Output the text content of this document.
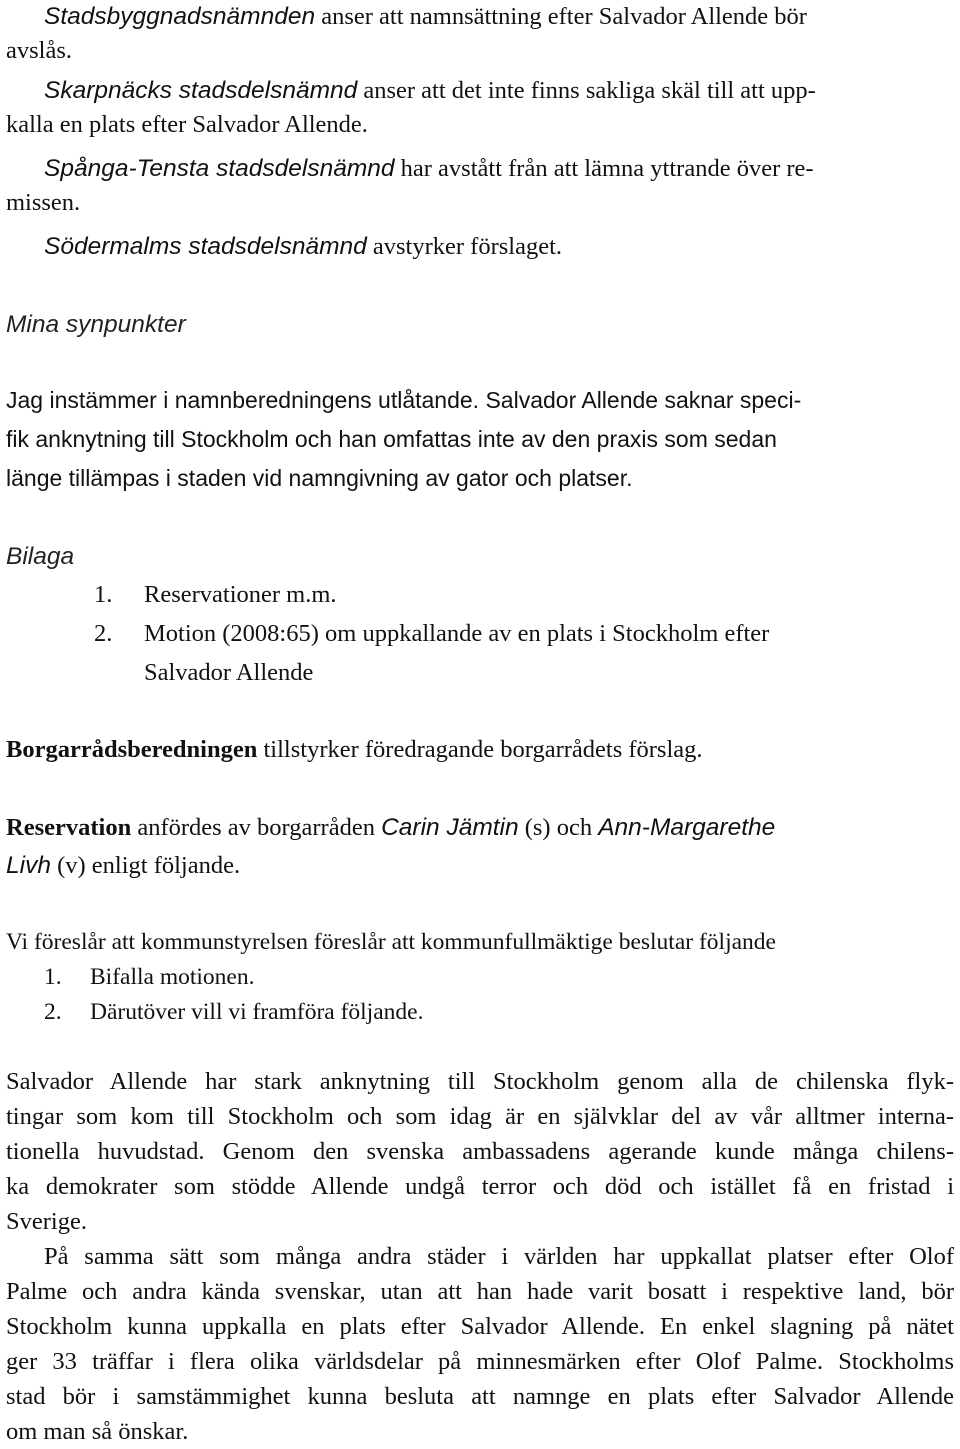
Stadsbyggnadsnämnden anser att namnsättning efter Salvador Allende bör
avslås.
Skarpnäcks stadsdelsnämnd anser att det inte finns sakliga skäl till att upp-
kalla en plats efter Salvador Allende.
Spånga-Tensta stadsdelsnämnd har avstått från att lämna yttrande över re-
missen.
Södermalms stadsdelsnämnd avstyrker förslaget.
Mina synpunkter
Jag instämmer i namnberedningens utlåtande. Salvador Allende saknar speci-
fik anknytning till Stockholm och han omfattas inte av den praxis som sedan
länge tillämpas i staden vid namngivning av gator och platser.
Bilaga
1. Reservationer m.m.
2. Motion (2008:65) om uppkallande av en plats i Stockholm efter
Salvador Allende
Borgarrådsberedningen tillstyrker föredragande borgarrådets förslag.
Reservation anfördes av borgarråden Carin Jämtin (s) och Ann-Margarethe
Livh (v) enligt följande.
Vi föreslår att kommunstyrelsen föreslår att kommunfullmäktige beslutar följande
1. Bifalla motionen.
2. Därutöver vill vi framföra följande.
Salvador Allende har stark anknytning till Stockholm genom alla de chilenska flyk-
tingar som kom till Stockholm och som idag är en självklar del av vår alltmer interna-
tionella huvudstad. Genom den svenska ambassadens agerande kunde många chilens-
ka demokrater som stödde Allende undgå terror och död och istället få en fristad i
Sverige.
På samma sätt som många andra städer i världen har uppkallat platser efter Olof
Palme och andra kända svenskar, utan att han hade varit bosatt i respektive land, bör
Stockholm kunna uppkalla en plats efter Salvador Allende. En enkel slagning på nätet
ger 33 träffar i flera olika världsdelar på minnesmärken efter Olof Palme. Stockholms
stad bör i samstämmighet kunna besluta att namnge en plats efter Salvador Allende
om man så önskar.
